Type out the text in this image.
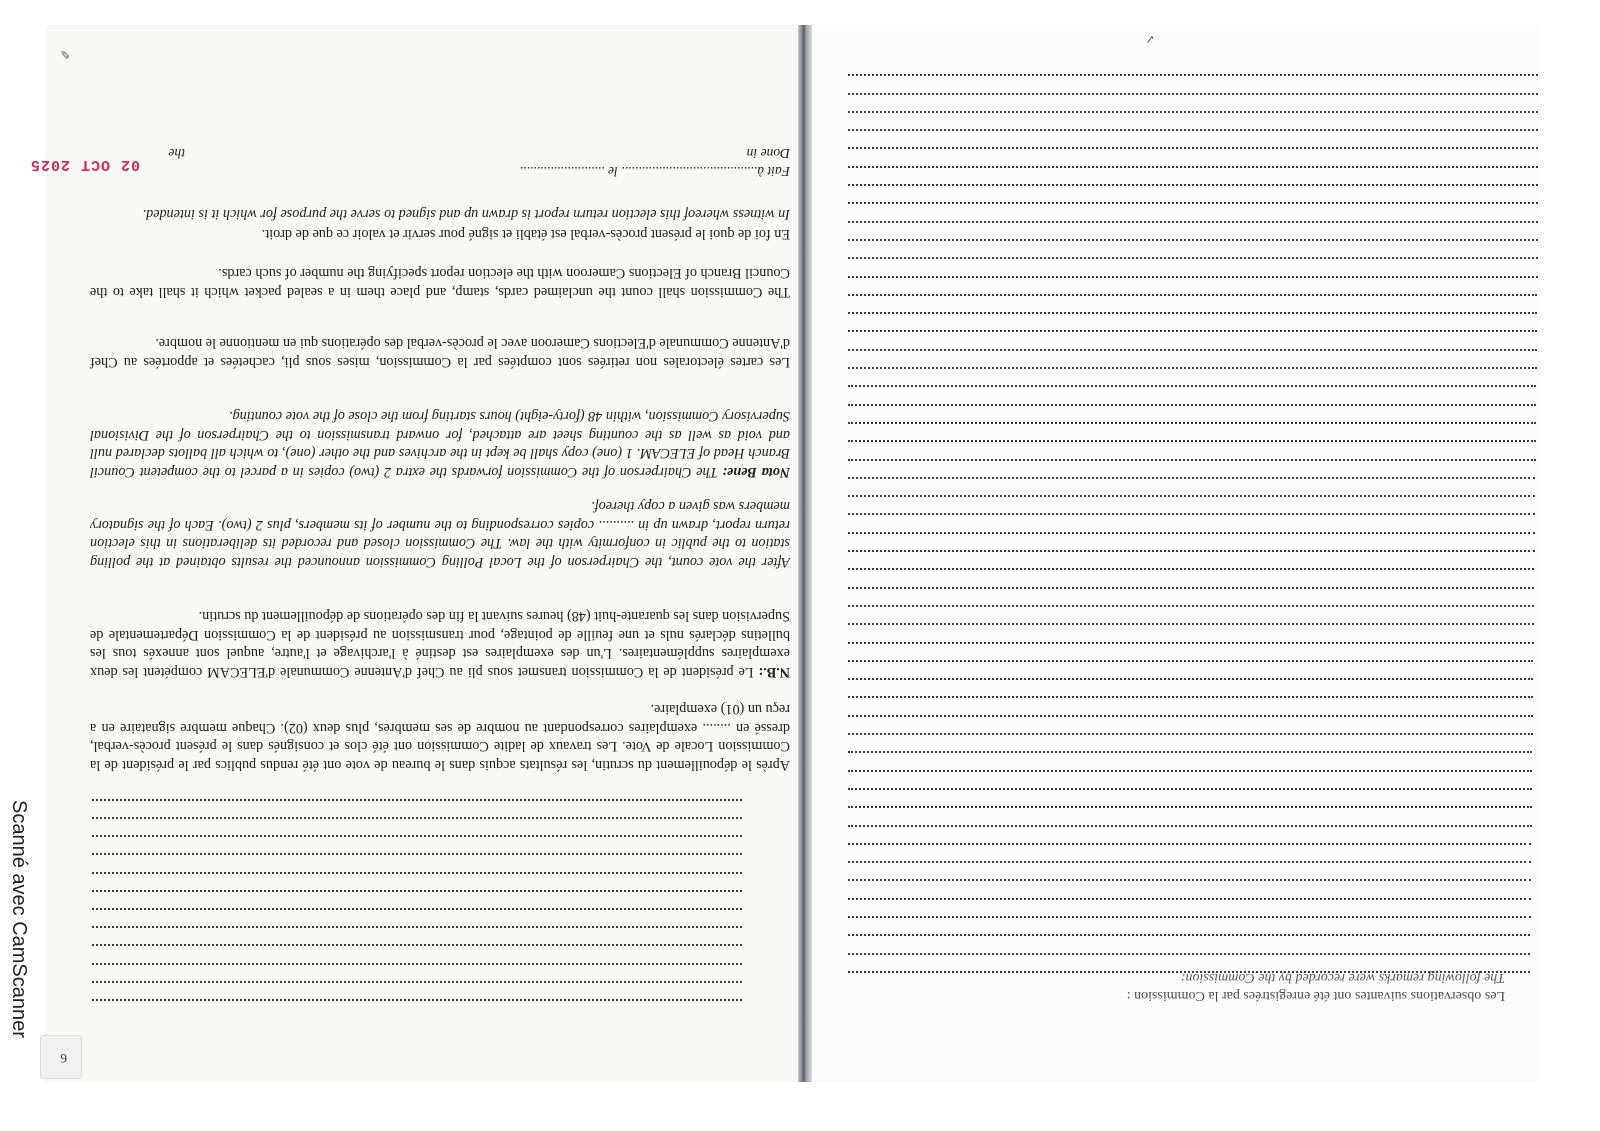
Les observations suivantes ont été enregistrées par la Commission :
The following remarks were recorded by the Commission:
6
✓
✎
Après le dépouillement du scrutin, les résultats acquis dans le bureau de vote ont été rendus publics par le président de la Commission Locale de Vote. Les travaux de ladite Commission ont été clos et consignés dans le présent procès-verbal, dressé en ........ exemplaires correspondant au nombre de ses membres, plus deux (02). Chaque membre signataire en a reçu un (01) exemplaire.
N.B.: Le président de la Commission transmet sous pli au Chef d'Antenne Communale d'ELECAM compétent les deux exemplaires supplémentaires. L'un des exemplaires est destiné à l'archivage et l'autre, auquel sont annexés tous les bulletins déclarés nuls et une feuille de pointage, pour transmission au président de la Commission Départementale de Supervision dans les quarante-huit (48) heures suivant la fin des opérations de dépouillement du scrutin.
After the vote count, the Chairperson of the Local Polling Commission announced the results obtained at the polling station to the public in conformity with the law. The Commission closed and recorded its deliberations in this election return report, drawn up in .......... copies corresponding to the number of its members, plus 2 (two). Each of the signatory members was given a copy thereof.
Nota Bene: The Chairperson of the Commission forwards the extra 2 (two) copies in a parcel to the competent Council Branch Head of ELECAM. 1 (one) copy shall be kept in the archives and the other (one), to which all ballots declared null and void as well as the counting sheet are attached, for onward transmission to the Chairperson of the Divisional Supervisory Commission, within 48 (forty-eight) hours starting from the close of the vote counting.
Les cartes électorales non retirées sont comptées par la Commission, mises sous pli, cachetées et apportées au Chef d'Antenne Communale d'Elections Cameroon avec le procès-verbal des opérations qui en mentionne le nombre.
The Commission shall count the unclaimed cards, stamp, and place them in a sealed packet which it shall take to the Council Branch of Elections Cameroon with the election report specifying the number of such cards.
En foi de quoi le présent procès-verbal est établi et signé pour servir et valoir ce que de droit.
In witness whereof this election return report is drawn up and signed to serve the purpose for which it is intended.
Fait à........................................ le .........................
Done in
the
02 OCT 2025
Scanné avec CamScanner
